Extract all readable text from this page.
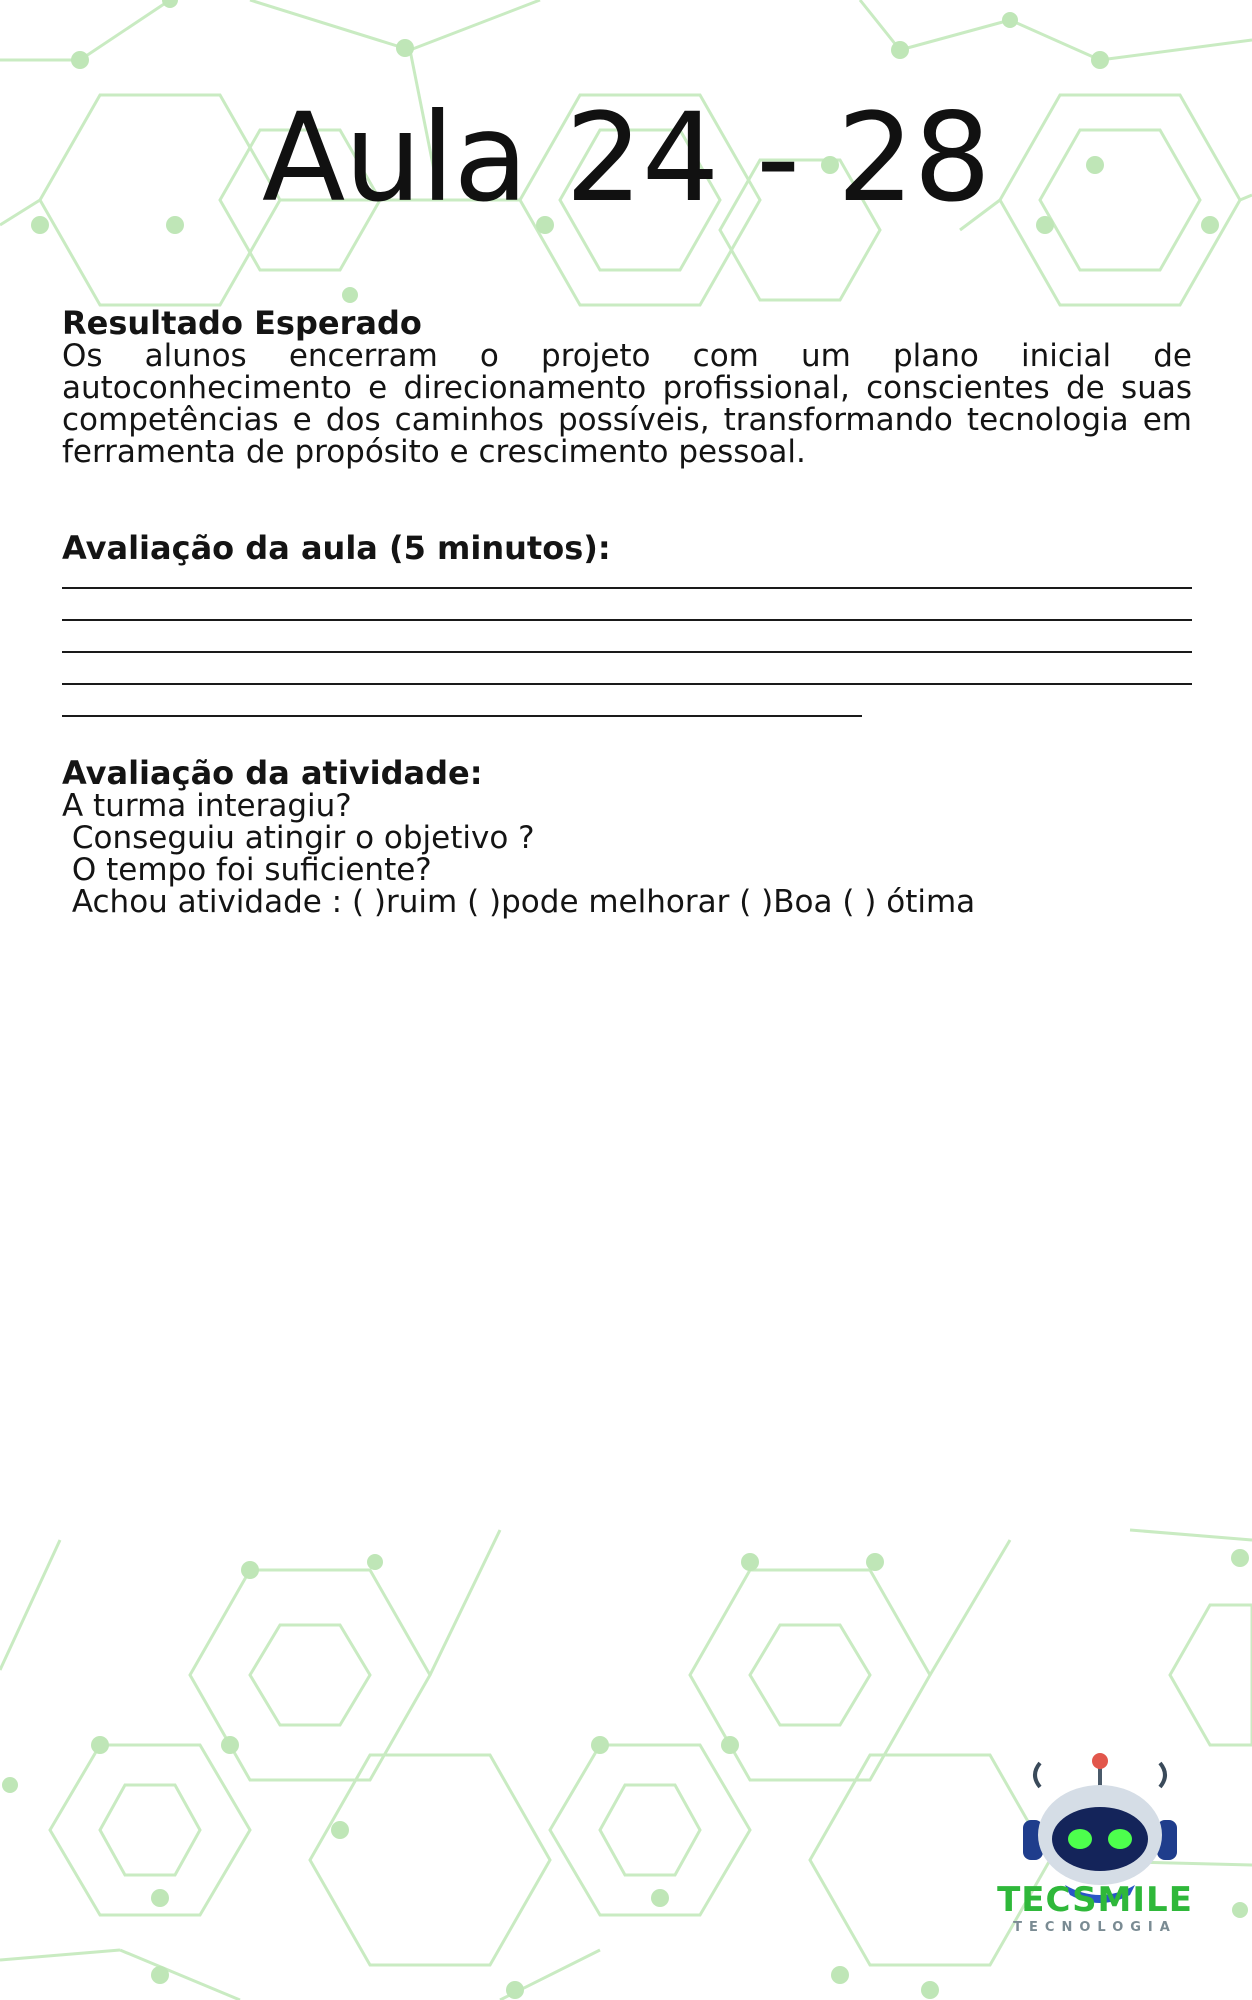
Aula 24 - 28

Resultado Esperado

Os alunos encerram o projeto com um plano inicial de autoconhecimento e direcionamento profissional, conscientes de suas competências e dos caminhos possíveis, transformando tecnologia em ferramenta de propósito e crescimento pessoal.

Avaliação da aula (5 minutos):

Avaliação da atividade:

A turma interagiu?

Conseguiu atingir o objetivo ?

O tempo foi suficiente?

Achou atividade : ( )ruim ( )pode melhorar ( )Boa ( ) ótima

TECSMILE

TECNOLOGIA
